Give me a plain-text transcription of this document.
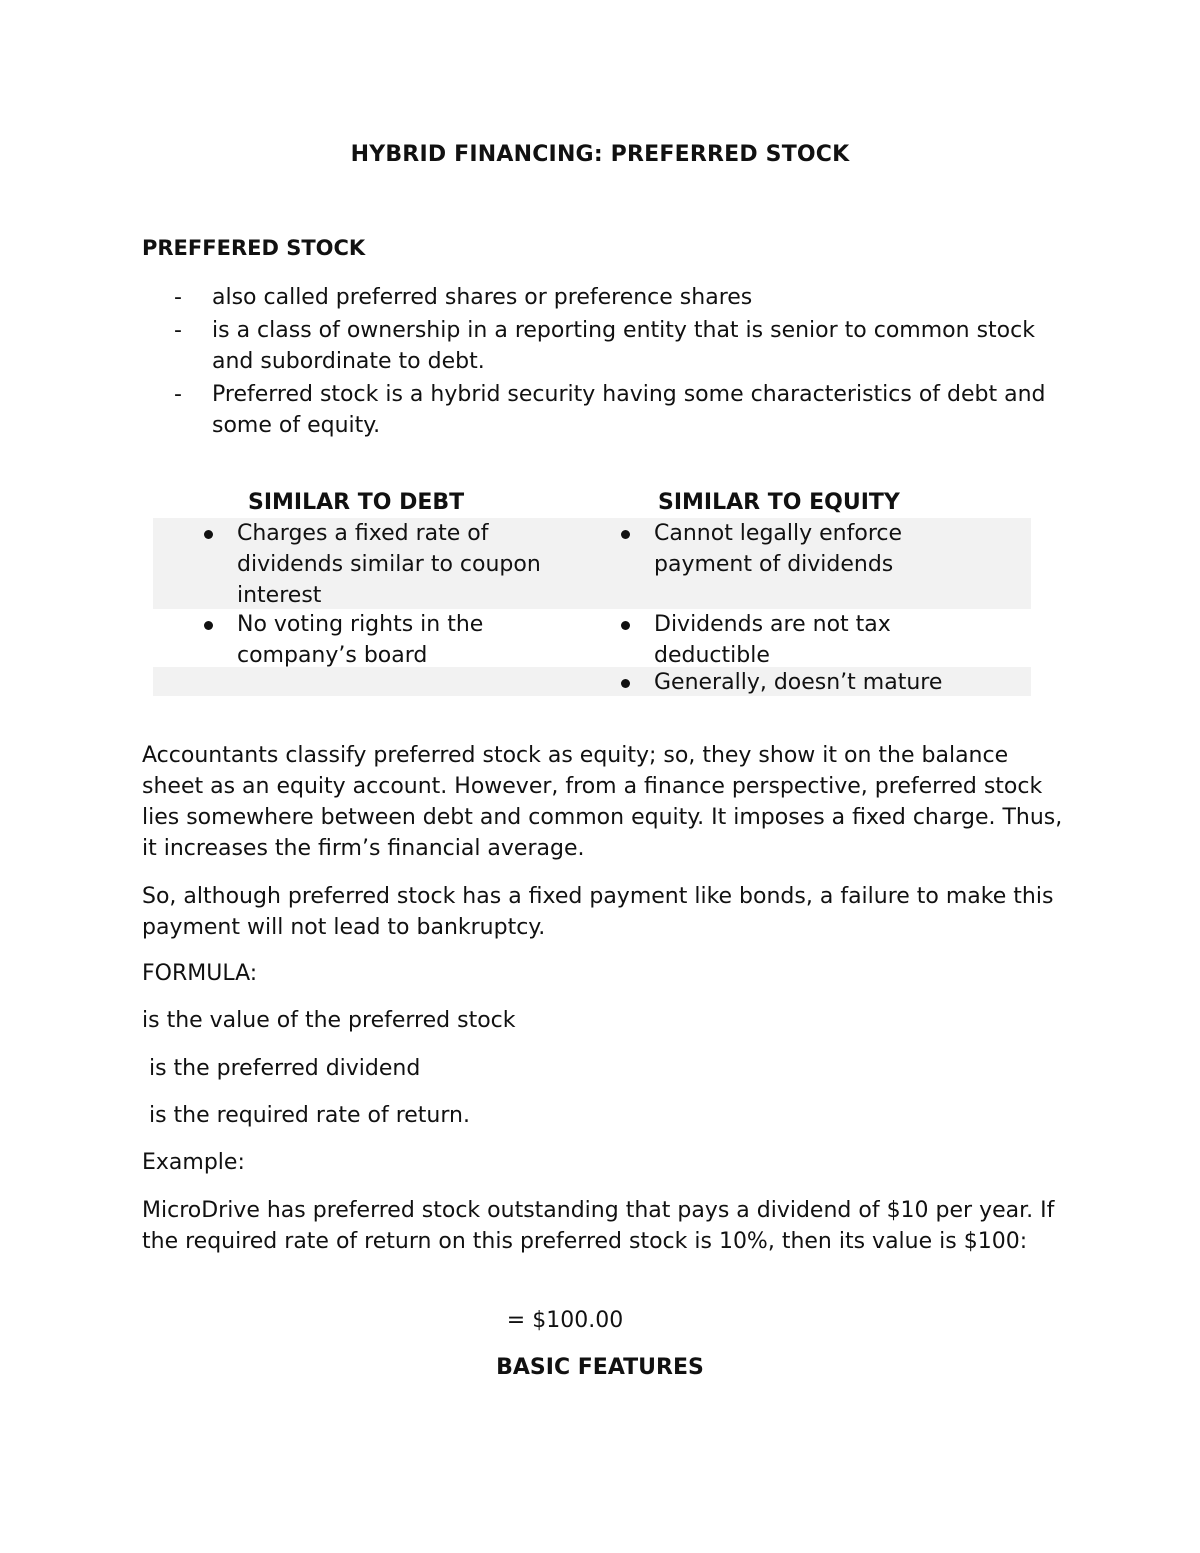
HYBRID FINANCING: PREFERRED STOCK
PREFFERED STOCK
- also called preferred shares or preference shares
- is a class of ownership in a reporting entity that is senior to common stock and subordinate to debt.
- Preferred stock is a hybrid security having some characteristics of debt and some of equity.
SIMILAR TO DEBT	SIMILAR TO EQUITY
Charges a fixed rate of dividends similar to coupon interest
Cannot legally enforce payment of dividends
No voting rights in the company’s board
Dividends are not tax deductible
Generally, doesn’t mature

Accountants classify preferred stock as equity; so, they show it on the balance sheet as an equity account. However, from a finance perspective, preferred stock lies somewhere between debt and common equity. It imposes a fixed charge. Thus, it increases the firm’s financial average.

So, although preferred stock has a fixed payment like bonds, a failure to make this payment will not lead to bankruptcy.

FORMULA:

is the value of the preferred stock

is the preferred dividend

is the required rate of return.

Example:

MicroDrive has preferred stock outstanding that pays a dividend of $10 per year. If the required rate of return on this preferred stock is 10%, then its value is $100:

= $100.00
BASIC FEATURES
